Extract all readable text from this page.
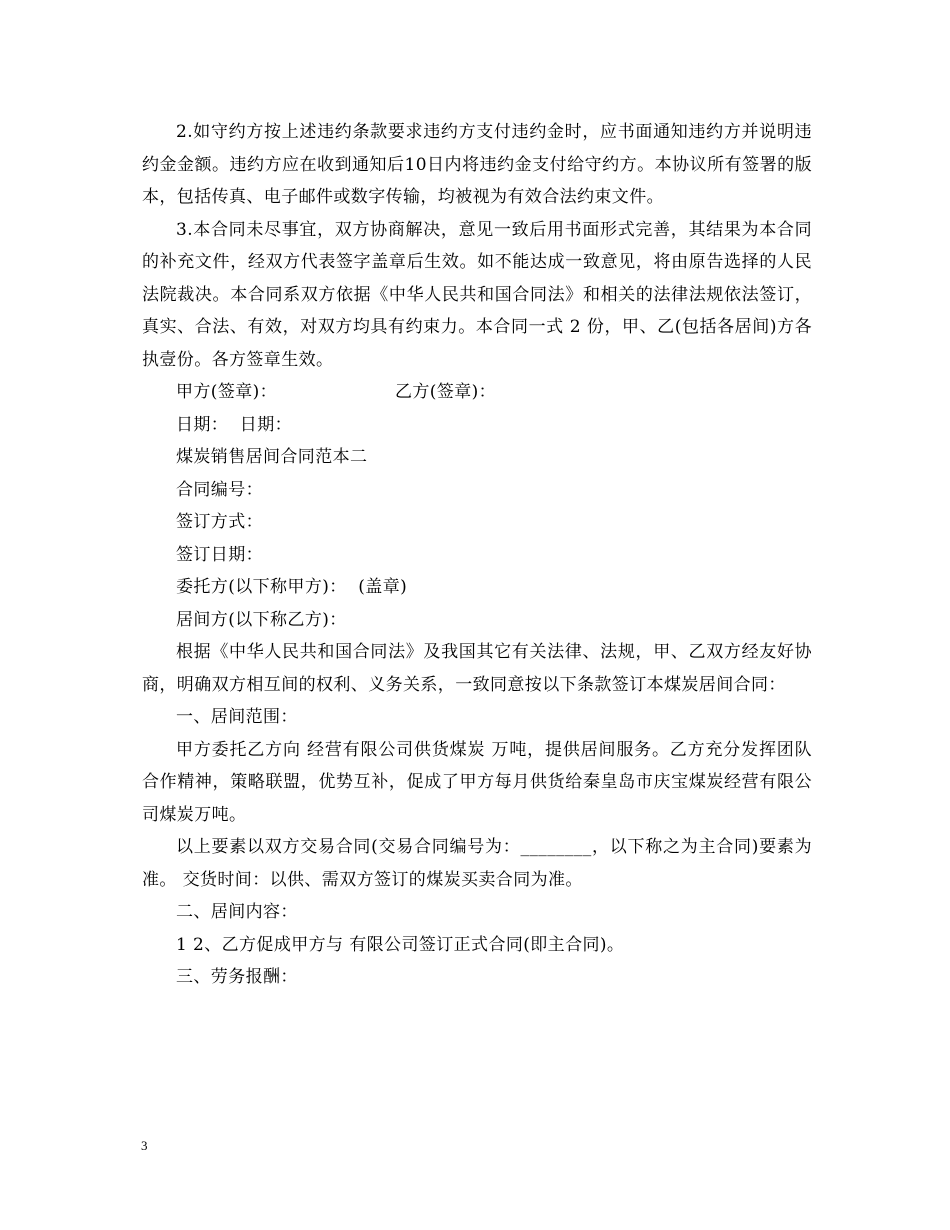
2.如守约方按上述违约条款要求违约方支付违约金时，应书面通知违约方并说明违约金金额。违约方应在收到通知后10日内将违约金支付给守约方。本协议所有签署的版本，包括传真、电子邮件或数字传输，均被视为有效合法约束文件。

3.本合同未尽事宜，双方协商解决，意见一致后用书面形式完善，其结果为本合同的补充文件，经双方代表签字盖章后生效。如不能达成一致意见，将由原告选择的人民法院裁决。本合同系双方依据《中华人民共和国合同法》和相关的法律法规依法签订，真实、合法、有效，对双方均具有约束力。本合同一式 2 份，甲、乙(包括各居间)方各执壹份。各方签章生效。

甲方(签章)：	乙方(签章)：

日期：  日期：

煤炭销售居间合同范本二

合同编号：

签订方式：

签订日期：

委托方(以下称甲方)：  (盖章)

居间方(以下称乙方)：

根据《中华人民共和国合同法》及我国其它有关法律、法规，甲、乙双方经友好协商，明确双方相互间的权利、义务关系，一致同意按以下条款签订本煤炭居间合同：

一、居间范围：

甲方委托乙方向 经营有限公司供货煤炭 万吨，提供居间服务。乙方充分发挥团队合作精神，策略联盟，优势互补，促成了甲方每月供货给秦皇岛市庆宝煤炭经营有限公司煤炭万吨。

以上要素以双方交易合同(交易合同编号为：________，以下称之为主合同)要素为准。 交货时间：以供、需双方签订的煤炭买卖合同为准。

二、居间内容：

1 2、乙方促成甲方与 有限公司签订正式合同(即主合同)。

三、劳务报酬：

3
